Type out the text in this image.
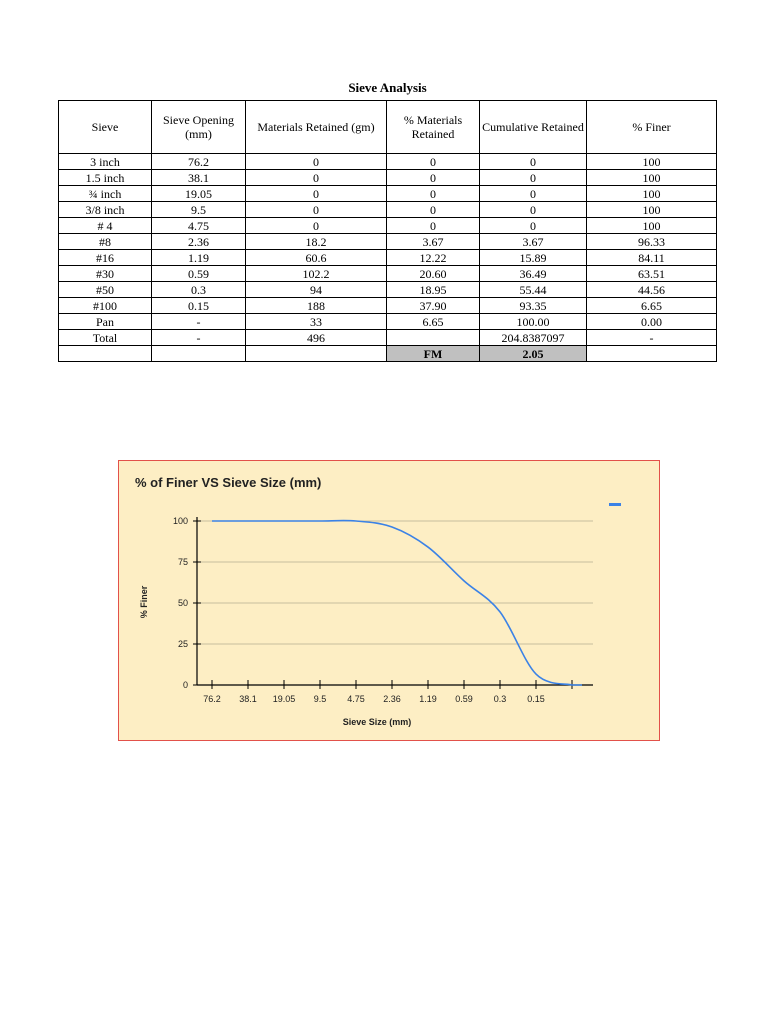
Sieve Analysis					
Sieve	Sieve Opening (mm)	Materials Retained (gm)	% Materials Retained	Cumulative Retained	% Finer
3 inch	76.2	0	0	0	100
1.5 inch	38.1	0	0	0	100
¾ inch	19.05	0	0	0	100
3/8 inch	9.5	0	0	0	100
# 4	4.75	0	0	0	100
#8	2.36	18.2	3.67	3.67	96.33
#16	1.19	60.6	12.22	15.89	84.11
#30	0.59	102.2	20.60	36.49	63.51
#50	0.3	94	18.95	55.44	44.56
#100	0.15	188	37.90	93.35	6.65
Pan	-	33	6.65	100.00	0.00
Total	-	496		204.8387097	-
			FM	2.05	
% of Finer VS Sieve Size (mm)
0
25
50
75
100
76.2 38.1 19.05 9.5 4.75 2.36 1.19 0.59 0.3 0.15
% Finer
Sieve Size (mm)
